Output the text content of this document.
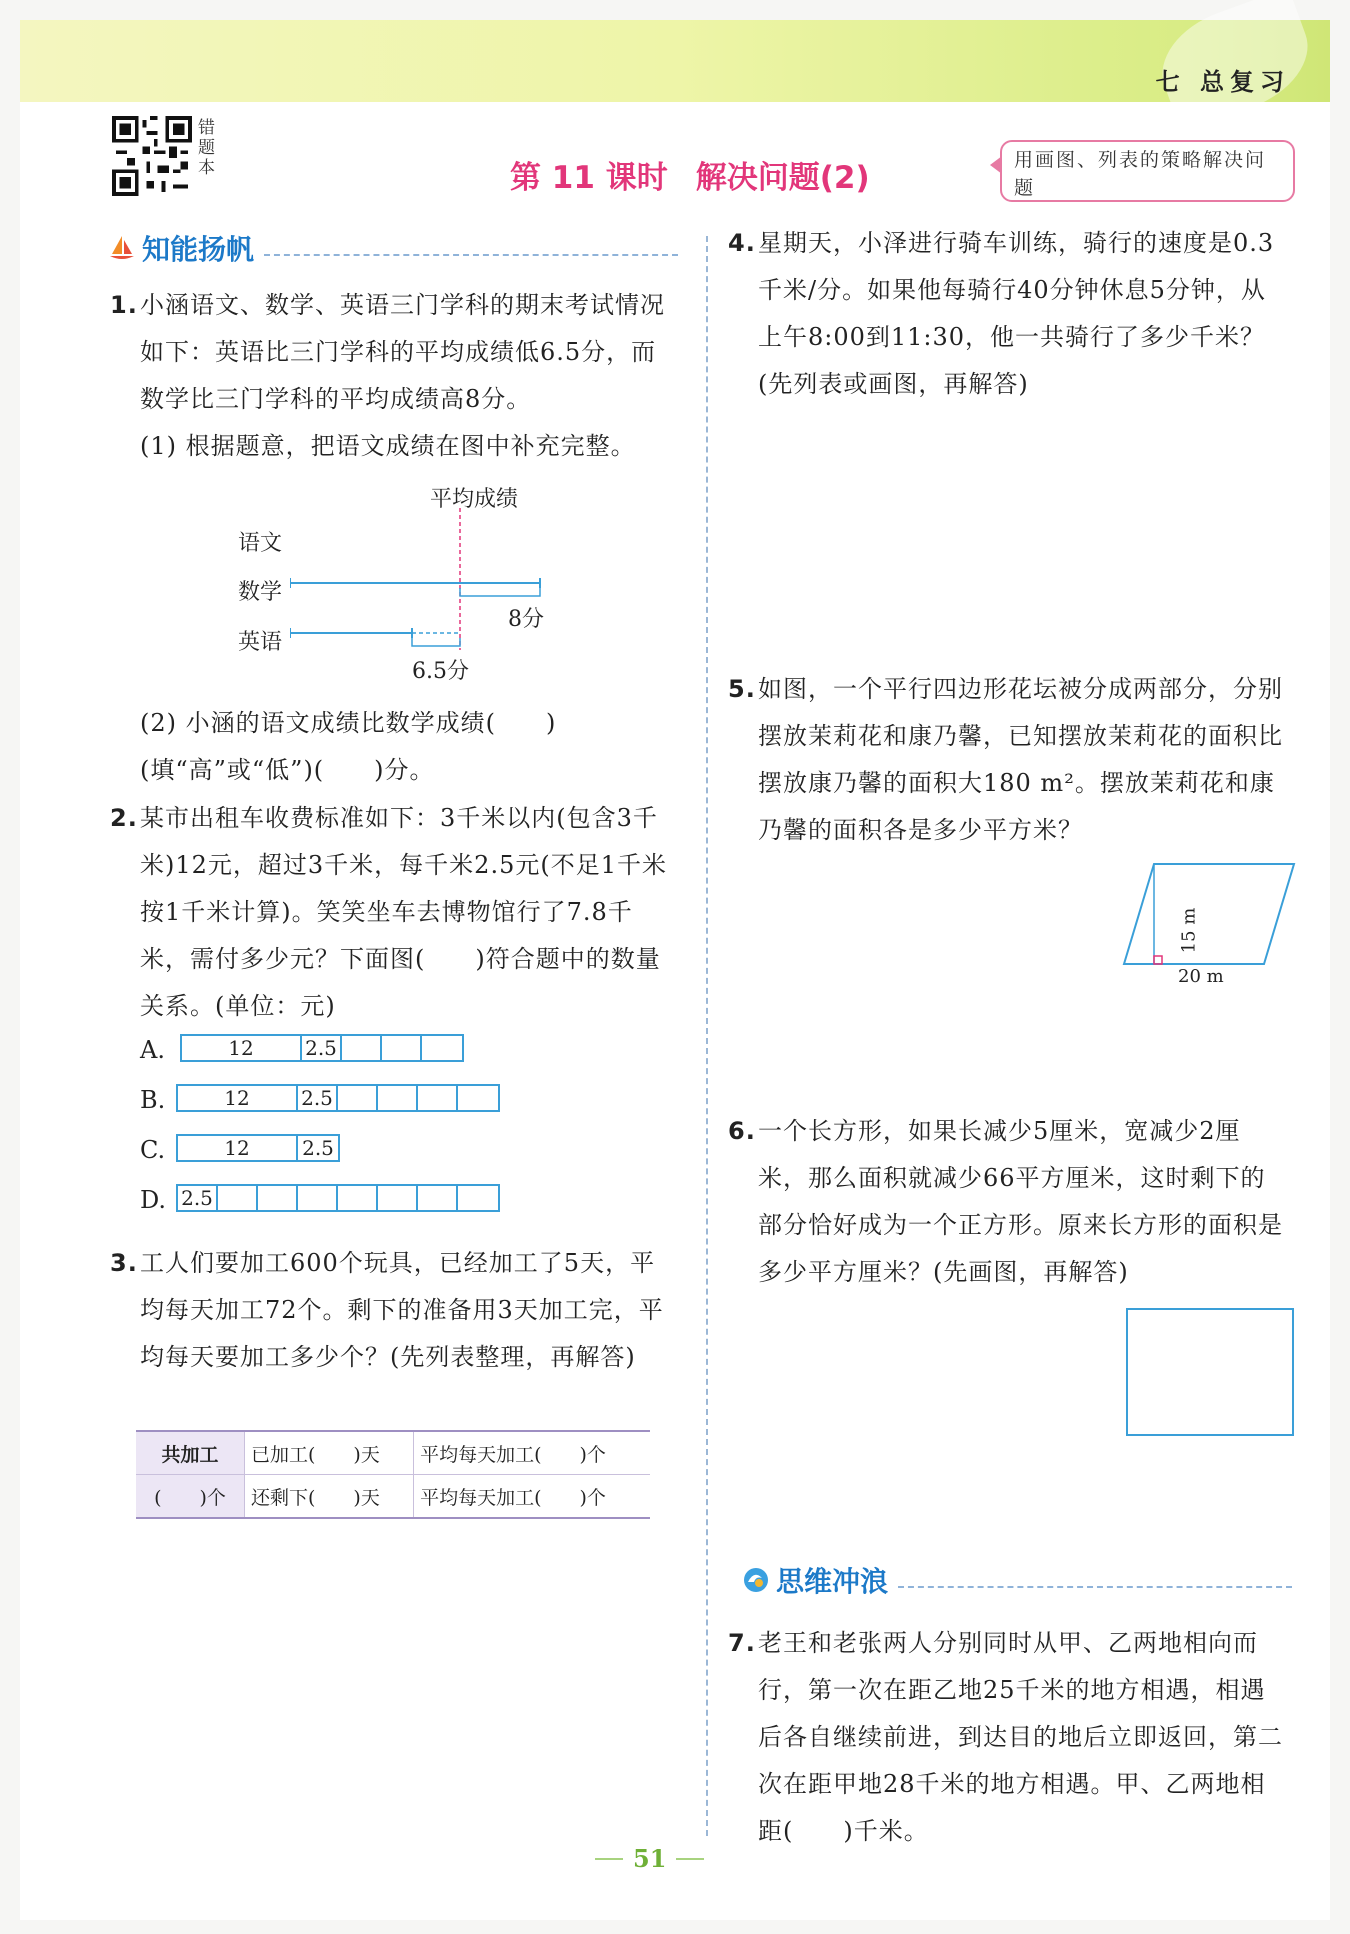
七 总复习
错题本	第 11 课时 解决问题(2)	用画图、列表的策略解决问题
知能扬帆
1. 小涵语文、数学、英语三门学科的期末考试情况如下：英语比三门学科的平均成绩低6.5分，而数学比三门学科的平均成绩高8分。
(1) 根据题意，把语文成绩在图中补充完整。
平均成绩
语文
数学
英语
8分
6.5分
(2) 小涵的语文成绩比数学成绩(　　)(填“高”或“低”)(　　)分。
2. 某市出租车收费标准如下：3千米以内(包含3千米)12元，超过3千米，每千米2.5元(不足1千米按1千米计算)。笑笑坐车去博物馆行了7.8千米，需付多少元？下面图(　　)符合题中的数量关系。(单位：元)
A.	12	2.5
B.	12	2.5
C.	12	2.5
D. 2.5
3. 工人们要加工600个玩具，已经加工了5天，平均每天加工72个。剩下的准备用3天加工完，平均每天要加工多少个？(先列表整理，再解答)
共加工	已加工(　　)天	平均每天加工(　　)个
(　　)个	还剩下(　　)天	平均每天加工(　　)个
4. 星期天，小泽进行骑车训练，骑行的速度是0.3千米/分。如果他每骑行40分钟休息5分钟，从上午8:00到11:30，他一共骑行了多少千米？(先列表或画图，再解答)
5. 如图，一个平行四边形花坛被分成两部分，分别摆放茉莉花和康乃馨，已知摆放茉莉花的面积比摆放康乃馨的面积大180 m²。摆放茉莉花和康乃馨的面积各是多少平方米？
15 m
20 m
6. 一个长方形，如果长减少5厘米，宽减少2厘米，那么面积就减少66平方厘米，这时剩下的部分恰好成为一个正方形。原来长方形的面积是多少平方厘米？(先画图，再解答)
思维冲浪
7. 老王和老张两人分别同时从甲、乙两地相向而行，第一次在距乙地25千米的地方相遇，相遇后各自继续前进，到达目的地后立即返回，第二次在距甲地28千米的地方相遇。甲、乙两地相距(　　)千米。
51
